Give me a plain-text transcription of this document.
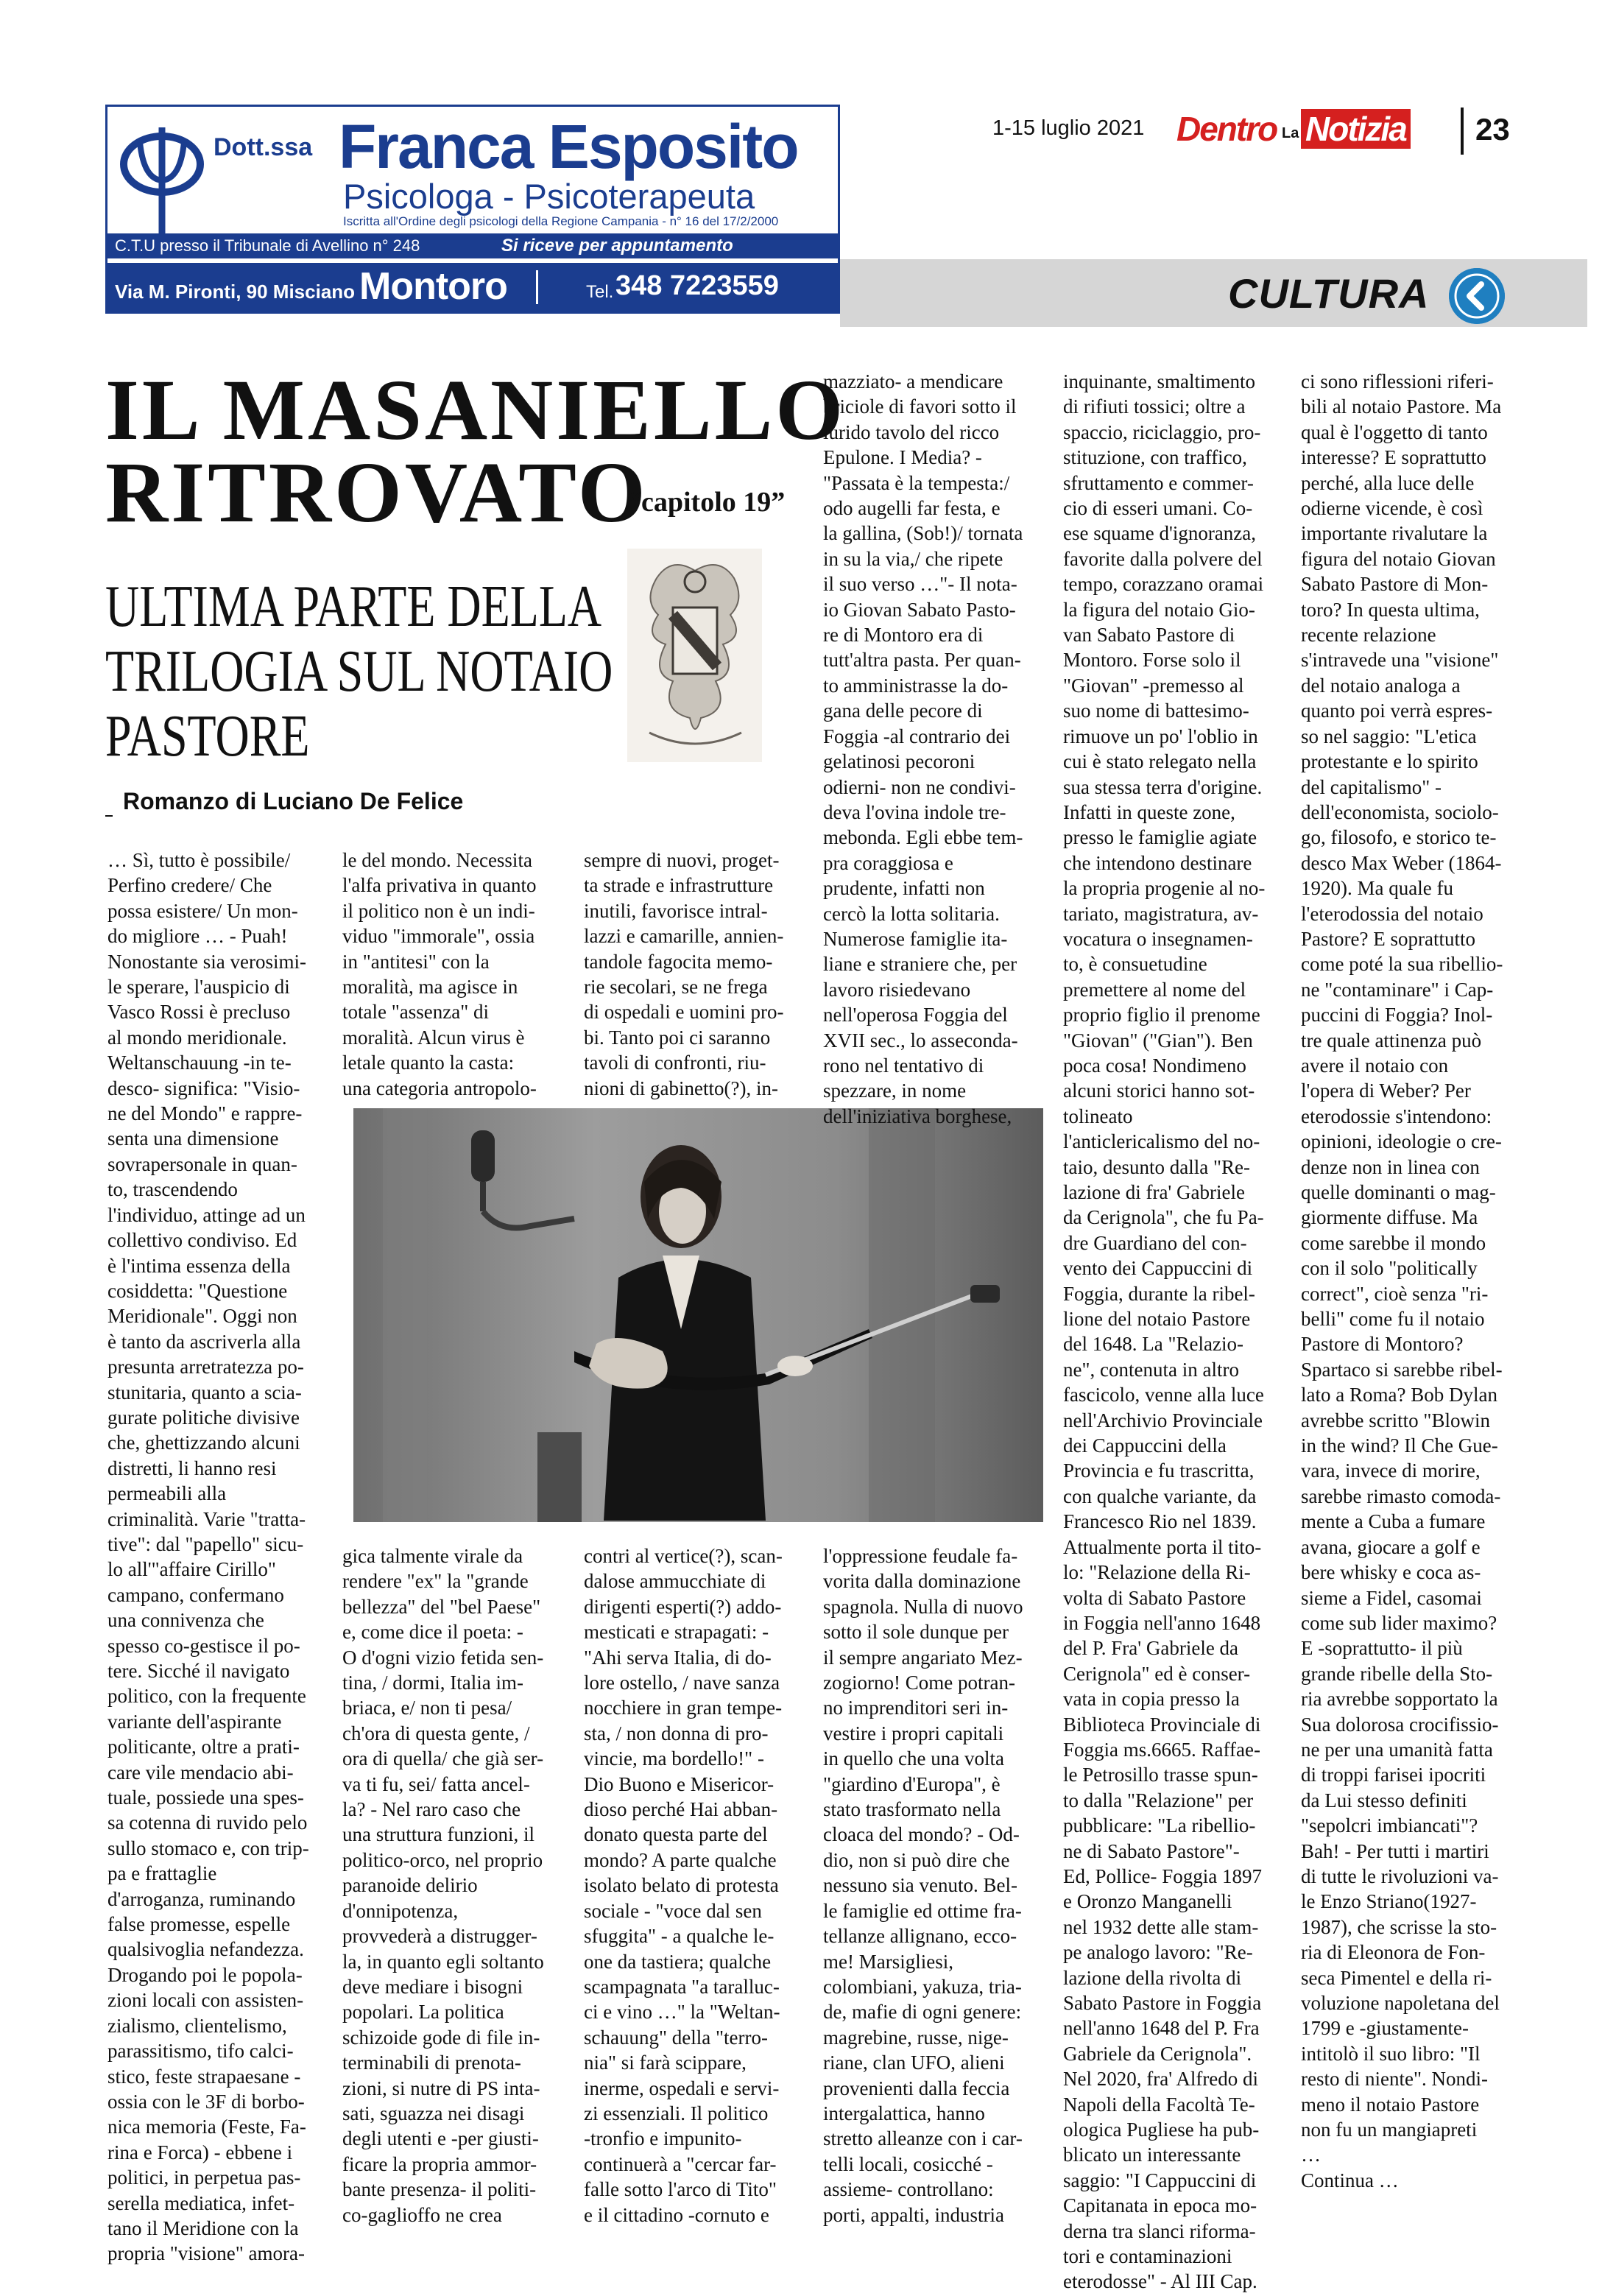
Dott.ssa Franca Esposito
Psicologa - Psicoterapeuta
Iscritta all'Ordine degli psicologi della Regione Campania - n° 16 del 17/2/2000
C.T.U presso il Tribunale di Avellino n° 248	Si riceve per appuntamento
Via M. Pironti, 90 Misciano Montoro	Tel. 348 7223559
1-15 luglio 2021 Dentro La Notizia 23
CULTURA
IL MASANIELLO
RITROVATO
“capitolo 19”
ULTIMA PARTE DELLA TRILOGIA SUL NOTAIO PASTORE
Romanzo di Luciano De Felice
… Sì, tutto è possibile/
Perfino credere/ Che
possa esistere/ Un mon-
do migliore … - Puah!
Nonostante sia verosimi-
le sperare, l'auspicio di
Vasco Rossi è precluso
al mondo meridionale.
Weltanschauung -in te-
desco- significa: "Visio-
ne del Mondo" e rappre-
senta una dimensione
sovrapersonale in quan-
to, trascendendo
l'individuo, attinge ad un
collettivo condiviso. Ed
è l'intima essenza della
cosiddetta: "Questione
Meridionale". Oggi non
è tanto da ascriverla alla
presunta arretratezza po-
stunitaria, quanto a scia-
gurate politiche divisive
che, ghettizzando alcuni
distretti, li hanno resi
permeabili alla
criminalità. Varie "tratta-
tive": dal "papello" sicu-
lo all'"affaire Cirillo"
campano, confermano
una connivenza che
spesso co-gestisce il po-
tere. Sicché il navigato
politico, con la frequente
variante dell'aspirante
politicante, oltre a prati-
care vile mendacio abi-
tuale, possiede una spes-
sa cotenna di ruvido pelo
sullo stomaco e, con trip-
pa e frattaglie
d'arroganza, ruminando
false promesse, espelle
qualsivoglia nefandezza.
Drogando poi le popola-
zioni locali con assisten-
zialismo, clientelismo,
parassitismo, tifo calci-
stico, feste strapaesane -
ossia con le 3F di borbo-
nica memoria (Feste, Fa-
rina e Forca) - ebbene i
politici, in perpetua pas-
serella mediatica, infet-
tano il Meridione con la
propria "visione" amora-
le del mondo. Necessita
l'alfa privativa in quanto
il politico non è un indi-
viduo "immorale", ossia
in "antitesi" con la
moralità, ma agisce in
totale "assenza" di
moralità. Alcun virus è
letale quanto la casta:
una categoria antropolo-
gica talmente virale da
rendere "ex" la "grande
bellezza" del "bel Paese"
e, come dice il poeta: -
O d'ogni vizio fetida sen-
tina, / dormi, Italia im-
briaca, e/ non ti pesa/
ch'ora di questa gente, /
ora di quella/ che già ser-
va ti fu, sei/ fatta ancel-
la? - Nel raro caso che
una struttura funzioni, il
politico-orco, nel proprio
paranoide delirio
d'onnipotenza,
provvederà a distrugger-
la, in quanto egli soltanto
deve mediare i bisogni
popolari. La politica
schizoide gode di file in-
terminabili di prenota-
zioni, si nutre di PS inta-
sati, sguazza nei disagi
degli utenti e -per giusti-
ficare la propria ammor-
bante presenza- il politi-
co-gaglioffo ne crea
sempre di nuovi, proget-
ta strade e infrastrutture
inutili, favorisce intral-
lazzi e camarille, annien-
tandole fagocita memo-
rie secolari, se ne frega
di ospedali e uomini pro-
bi. Tanto poi ci saranno
tavoli di confronti, riu-
nioni di gabinetto(?), in-
contri al vertice(?), scan-
dalose ammucchiate di
dirigenti esperti(?) addo-
mesticati e strapagati: -
"Ahi serva Italia, di do-
lore ostello, / nave sanza
nocchiere in gran tempe-
sta, / non donna di pro-
vincie, ma bordello!" -
Dio Buono e Misericor-
dioso perché Hai abban-
donato questa parte del
mondo? A parte qualche
isolato belato di protesta
sociale - "voce dal sen
sfuggita" - a qualche le-
one da tastiera; qualche
scampagnata "a taralluc-
ci e vino …" la "Weltan-
schauung" della "terro-
nia" si farà scippare,
inerme, ospedali e servi-
zi essenziali. Il politico
-tronfio e impunito-
continuerà a "cercar far-
falle sotto l'arco di Tito"
e il cittadino -cornuto e
mazziato- a mendicare
briciole di favori sotto il
lurido tavolo del ricco
Epulone. I Media? -
"Passata è la tempesta:/
odo augelli far festa, e
la gallina, (Sob!)/ tornata
in su la via,/ che ripete
il suo verso …"- Il nota-
io Giovan Sabato Pasto-
re di Montoro era di
tutt'altra pasta. Per quan-
to amministrasse la do-
gana delle pecore di
Foggia -al contrario dei
gelatinosi pecoroni
odierni- non ne condivi-
deva l'ovina indole tre-
mebonda. Egli ebbe tem-
pra coraggiosa e
prudente, infatti non
cercò la lotta solitaria.
Numerose famiglie ita-
liane e straniere che, per
lavoro risiedevano
nell'operosa Foggia del
XVII sec., lo asseconda-
rono nel tentativo di
spezzare, in nome
dell'iniziativa borghese,
l'oppressione feudale fa-
vorita dalla dominazione
spagnola. Nulla di nuovo
sotto il sole dunque per
il sempre angariato Mez-
zogiorno! Come potran-
no imprenditori seri in-
vestire i propri capitali
in quello che una volta
"giardino d'Europa", è
stato trasformato nella
cloaca del mondo? - Od-
dio, non si può dire che
nessuno sia venuto. Bel-
le famiglie ed ottime fra-
tellanze allignano, ecco-
me! Marsigliesi,
colombiani, yakuza, tria-
de, mafie di ogni genere:
magrebine, russe, nige-
riane, clan UFO, alieni
provenienti dalla feccia
intergalattica, hanno
stretto alleanze con i car-
telli locali, cosicché -
assieme- controllano:
porti, appalti, industria
inquinante, smaltimento
di rifiuti tossici; oltre a
spaccio, riciclaggio, pro-
stituzione, con traffico,
sfruttamento e commer-
cio di esseri umani. Co-
ese squame d'ignoranza,
favorite dalla polvere del
tempo, corazzano oramai
la figura del notaio Gio-
van Sabato Pastore di
Montoro. Forse solo il
"Giovan" -premesso al
suo nome di battesimo-
rimuove un po' l'oblio in
cui è stato relegato nella
sua stessa terra d'origine.
Infatti in queste zone,
presso le famiglie agiate
che intendono destinare
la propria progenie al no-
tariato, magistratura, av-
vocatura o insegnamen-
to, è consuetudine
premettere al nome del
proprio figlio il prenome
"Giovan" ("Gian"). Ben
poca cosa! Nondimeno
alcuni storici hanno sot-
tolineato
l'anticlericalismo del no-
taio, desunto dalla "Re-
lazione di fra' Gabriele
da Cerignola", che fu Pa-
dre Guardiano del con-
vento dei Cappuccini di
Foggia, durante la ribel-
lione del notaio Pastore
del 1648. La "Relazio-
ne", contenuta in altro
fascicolo, venne alla luce
nell'Archivio Provinciale
dei Cappuccini della
Provincia e fu trascritta,
con qualche variante, da
Francesco Rio nel 1839.
Attualmente porta il tito-
lo: "Relazione della Ri-
volta di Sabato Pastore
in Foggia nell'anno 1648
del P. Fra' Gabriele da
Cerignola" ed è conser-
vata in copia presso la
Biblioteca Provinciale di
Foggia ms.6665. Raffae-
le Petrosillo trasse spun-
to dalla "Relazione" per
pubblicare: "La ribellio-
ne di Sabato Pastore"-
Ed, Pollice- Foggia 1897
e Oronzo Manganelli
nel 1932 dette alle stam-
pe analogo lavoro: "Re-
lazione della rivolta di
Sabato Pastore in Foggia
nell'anno 1648 del P. Fra
Gabriele da Cerignola".
Nel 2020, fra' Alfredo di
Napoli della Facoltà Te-
ologica Pugliese ha pub-
blicato un interessante
saggio: "I Cappuccini di
Capitanata in epoca mo-
derna tra slanci riforma-
tori e contaminazioni
eterodosse" - Al III Cap.
ci sono riflessioni riferi-
bili al notaio Pastore. Ma
qual è l'oggetto di tanto
interesse? E soprattutto
perché, alla luce delle
odierne vicende, è così
importante rivalutare la
figura del notaio Giovan
Sabato Pastore di Mon-
toro? In questa ultima,
recente relazione
s'intravede una "visione"
del notaio analoga a
quanto poi verrà espres-
so nel saggio: "L'etica
protestante e lo spirito
del capitalismo" -
dell'economista, sociolo-
go, filosofo, e storico te-
desco Max Weber (1864-
1920). Ma quale fu
l'eterodossia del notaio
Pastore? E soprattutto
come poté la sua ribellio-
ne "contaminare" i Cap-
puccini di Foggia? Inol-
tre quale attinenza può
avere il notaio con
l'opera di Weber? Per
eterodossie s'intendono:
opinioni, ideologie o cre-
denze non in linea con
quelle dominanti o mag-
giormente diffuse. Ma
come sarebbe il mondo
con il solo "politically
correct", cioè senza "ri-
belli" come fu il notaio
Pastore di Montoro?
Spartaco si sarebbe ribel-
lato a Roma? Bob Dylan
avrebbe scritto "Blowin
in the wind? Il Che Gue-
vara, invece di morire,
sarebbe rimasto comoda-
mente a Cuba a fumare
avana, giocare a golf e
bere whisky e coca as-
sieme a Fidel, casomai
come sub lider maximo?
E -soprattutto- il più
grande ribelle della Sto-
ria avrebbe sopportato la
Sua dolorosa crocifissio-
ne per una umanità fatta
di troppi farisei ipocriti
da Lui stesso definiti
"sepolcri imbiancati"?
Bah! - Per tutti i martiri
di tutte le rivoluzioni va-
le Enzo Striano(1927-
1987), che scrisse la sto-
ria di Eleonora de Fon-
seca Pimentel e della ri-
voluzione napoletana del
1799 e -giustamente-
intitolò il suo libro: "Il
resto di niente". Nondi-
meno il notaio Pastore
non fu un mangiapreti
…
Continua …
